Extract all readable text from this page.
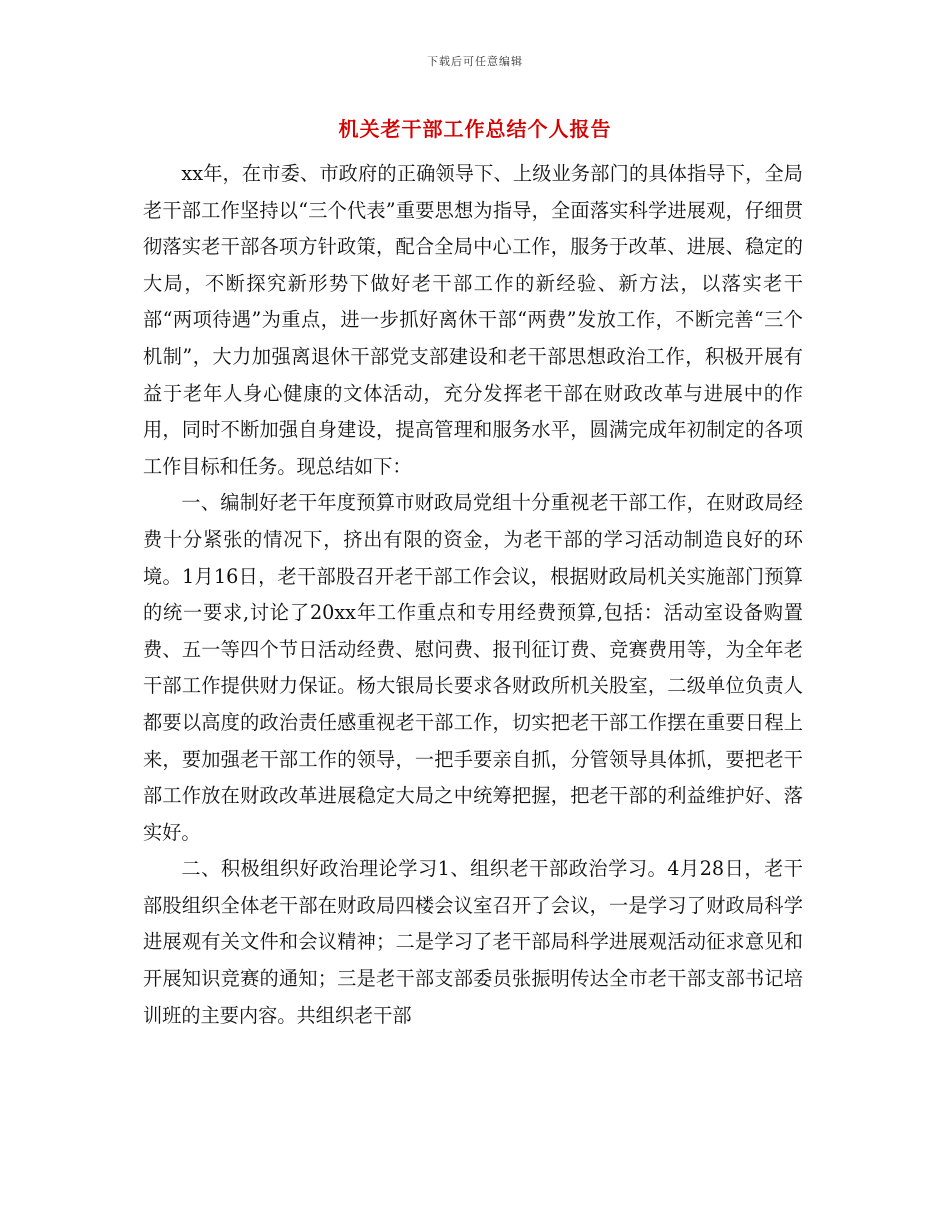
下载后可任意编辑
机关老干部工作总结个人报告

xx年，在市委、市政府的正确领导下、上级业务部门的具体指导下，全局老干部工作坚持以“三个代表”重要思想为指导，全面落实科学进展观，仔细贯彻落实老干部各项方针政策，配合全局中心工作，服务于改革、进展、稳定的大局，不断探究新形势下做好老干部工作的新经验、新方法，以落实老干部“两项待遇”为重点，进一步抓好离休干部“两费”发放工作，不断完善“三个机制”，大力加强离退休干部党支部建设和老干部思想政治工作，积极开展有益于老年人身心健康的文体活动，充分发挥老干部在财政改革与进展中的作用，同时不断加强自身建设，提高管理和服务水平，圆满完成年初制定的各项工作目标和任务。现总结如下：

一、编制好老干年度预算市财政局党组十分重视老干部工作，在财政局经费十分紧张的情况下，挤出有限的资金，为老干部的学习活动制造良好的环境。1月16日，老干部股召开老干部工作会议，根据财政局机关实施部门预算的统一要求,讨论了20xx年工作重点和专用经费预算,包括：活动室设备购置费、五一等四个节日活动经费、慰问费、报刊征订费、竞赛费用等，为全年老干部工作提供财力保证。杨大银局长要求各财政所机关股室，二级单位负责人都要以高度的政治责任感重视老干部工作，切实把老干部工作摆在重要日程上来，要加强老干部工作的领导，一把手要亲自抓，分管领导具体抓，要把老干部工作放在财政改革进展稳定大局之中统筹把握，把老干部的利益维护好、落实好。

二、积极组织好政治理论学习1、组织老干部政治学习。4月28日，老干部股组织全体老干部在财政局四楼会议室召开了会议，一是学习了财政局科学进展观有关文件和会议精神；二是学习了老干部局科学进展观活动征求意见和开展知识竞赛的通知；三是老干部支部委员张振明传达全市老干部支部书记培训班的主要内容。共组织老干部
